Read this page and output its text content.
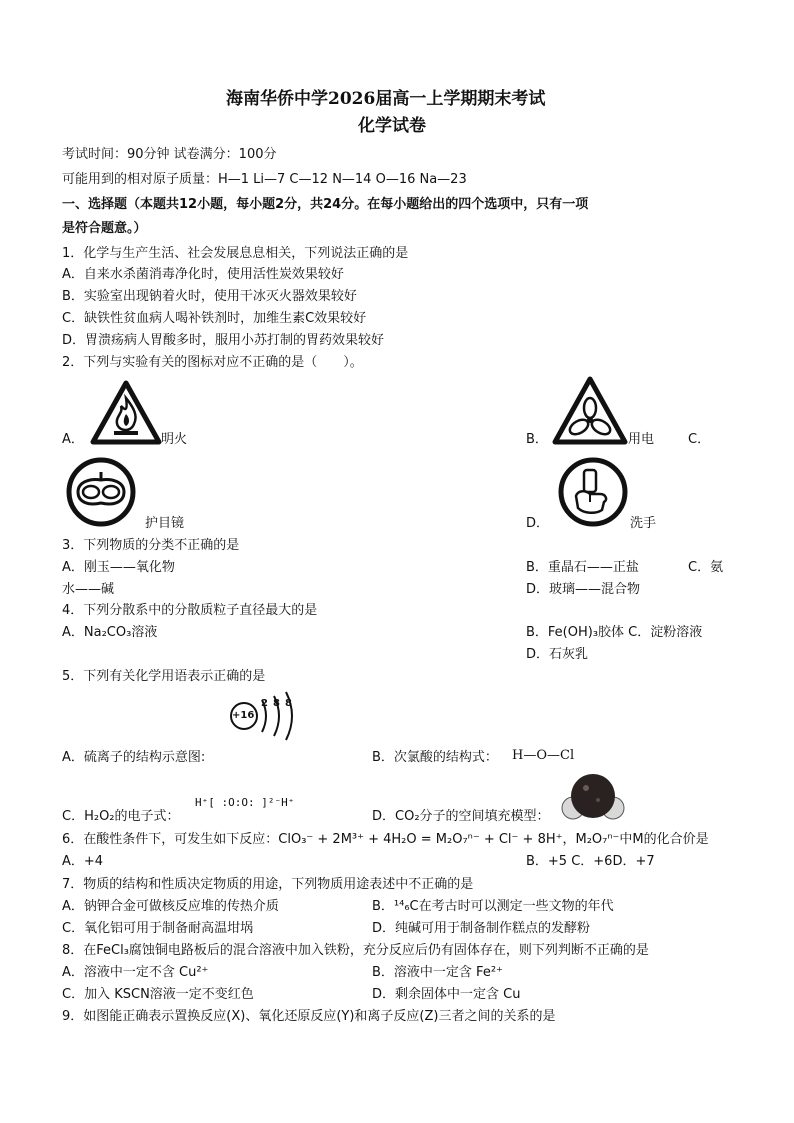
海南华侨中学2026届高一上学期期末考试
化学试卷
考试时间：90分钟 试卷满分：100分
可能用到的相对原子质量：H—1 Li—7 C—12 N—14 O—16 Na—23
一、选择题（本题共12小题，每小题2分，共24分。在每小题给出的四个选项中，只有一项
是符合题意。）
1．化学与生产生活、社会发展息息相关，下列说法正确的是
A．自来水杀菌消毒净化时，使用活性炭效果较好
B．实验室出现钠着火时，使用干冰灭火器效果较好
C．缺铁性贫血病人喝补铁剂时，加维生素C效果较好
D．胃溃疡病人胃酸多时，服用小苏打制的胃药效果较好
2．下列与实验有关的图标对应不正确的是（　　）。
A．	明火	B．	用电	C．
护目镜	D．	洗手
3．下列物质的分类不正确的是
A．刚玉——氧化物	B．重晶石——正盐	C．氨
水——碱	D．玻璃——混合物
4．下列分散系中的分散质粒子直径最大的是
A．Na₂CO₃溶液	B．Fe(OH)₃胶体 C．淀粉溶液
D．石灰乳
5．下列有关化学用语表示正确的是
+16
2 8 8
A．硫离子的结构示意图:	B．次氯酸的结构式： H—O—Cl
H⁺[ :O:O: ]²⁻H⁺
C．H₂O₂的电子式：	D．CO₂分子的空间填充模型：
6．在酸性条件下，可发生如下反应：ClO₃⁻ + 2M³⁺ + 4H₂O = M₂O₇ⁿ⁻ + Cl⁻ + 8H⁺，M₂O₇ⁿ⁻中M的化合价是
A．+4	B．+5 C．+6D．+7
7．物质的结构和性质决定物质的用途，下列物质用途表述中不正确的是
A．钠钾合金可做核反应堆的传热介质	B．¹⁴₆C在考古时可以测定一些文物的年代
C．氧化铝可用于制备耐高温坩埚	D．纯碱可用于制备制作糕点的发酵粉
8．在FeCl₃腐蚀铜电路板后的混合溶液中加入铁粉，充分反应后仍有固体存在，则下列判断不正确的是
A．溶液中一定不含 Cu²⁺	B．溶液中一定含 Fe²⁺
C．加入 KSCN溶液一定不变红色	D．剩余固体中一定含 Cu
9．如图能正确表示置换反应(X)、氧化还原反应(Y)和离子反应(Z)三者之间的关系的是
